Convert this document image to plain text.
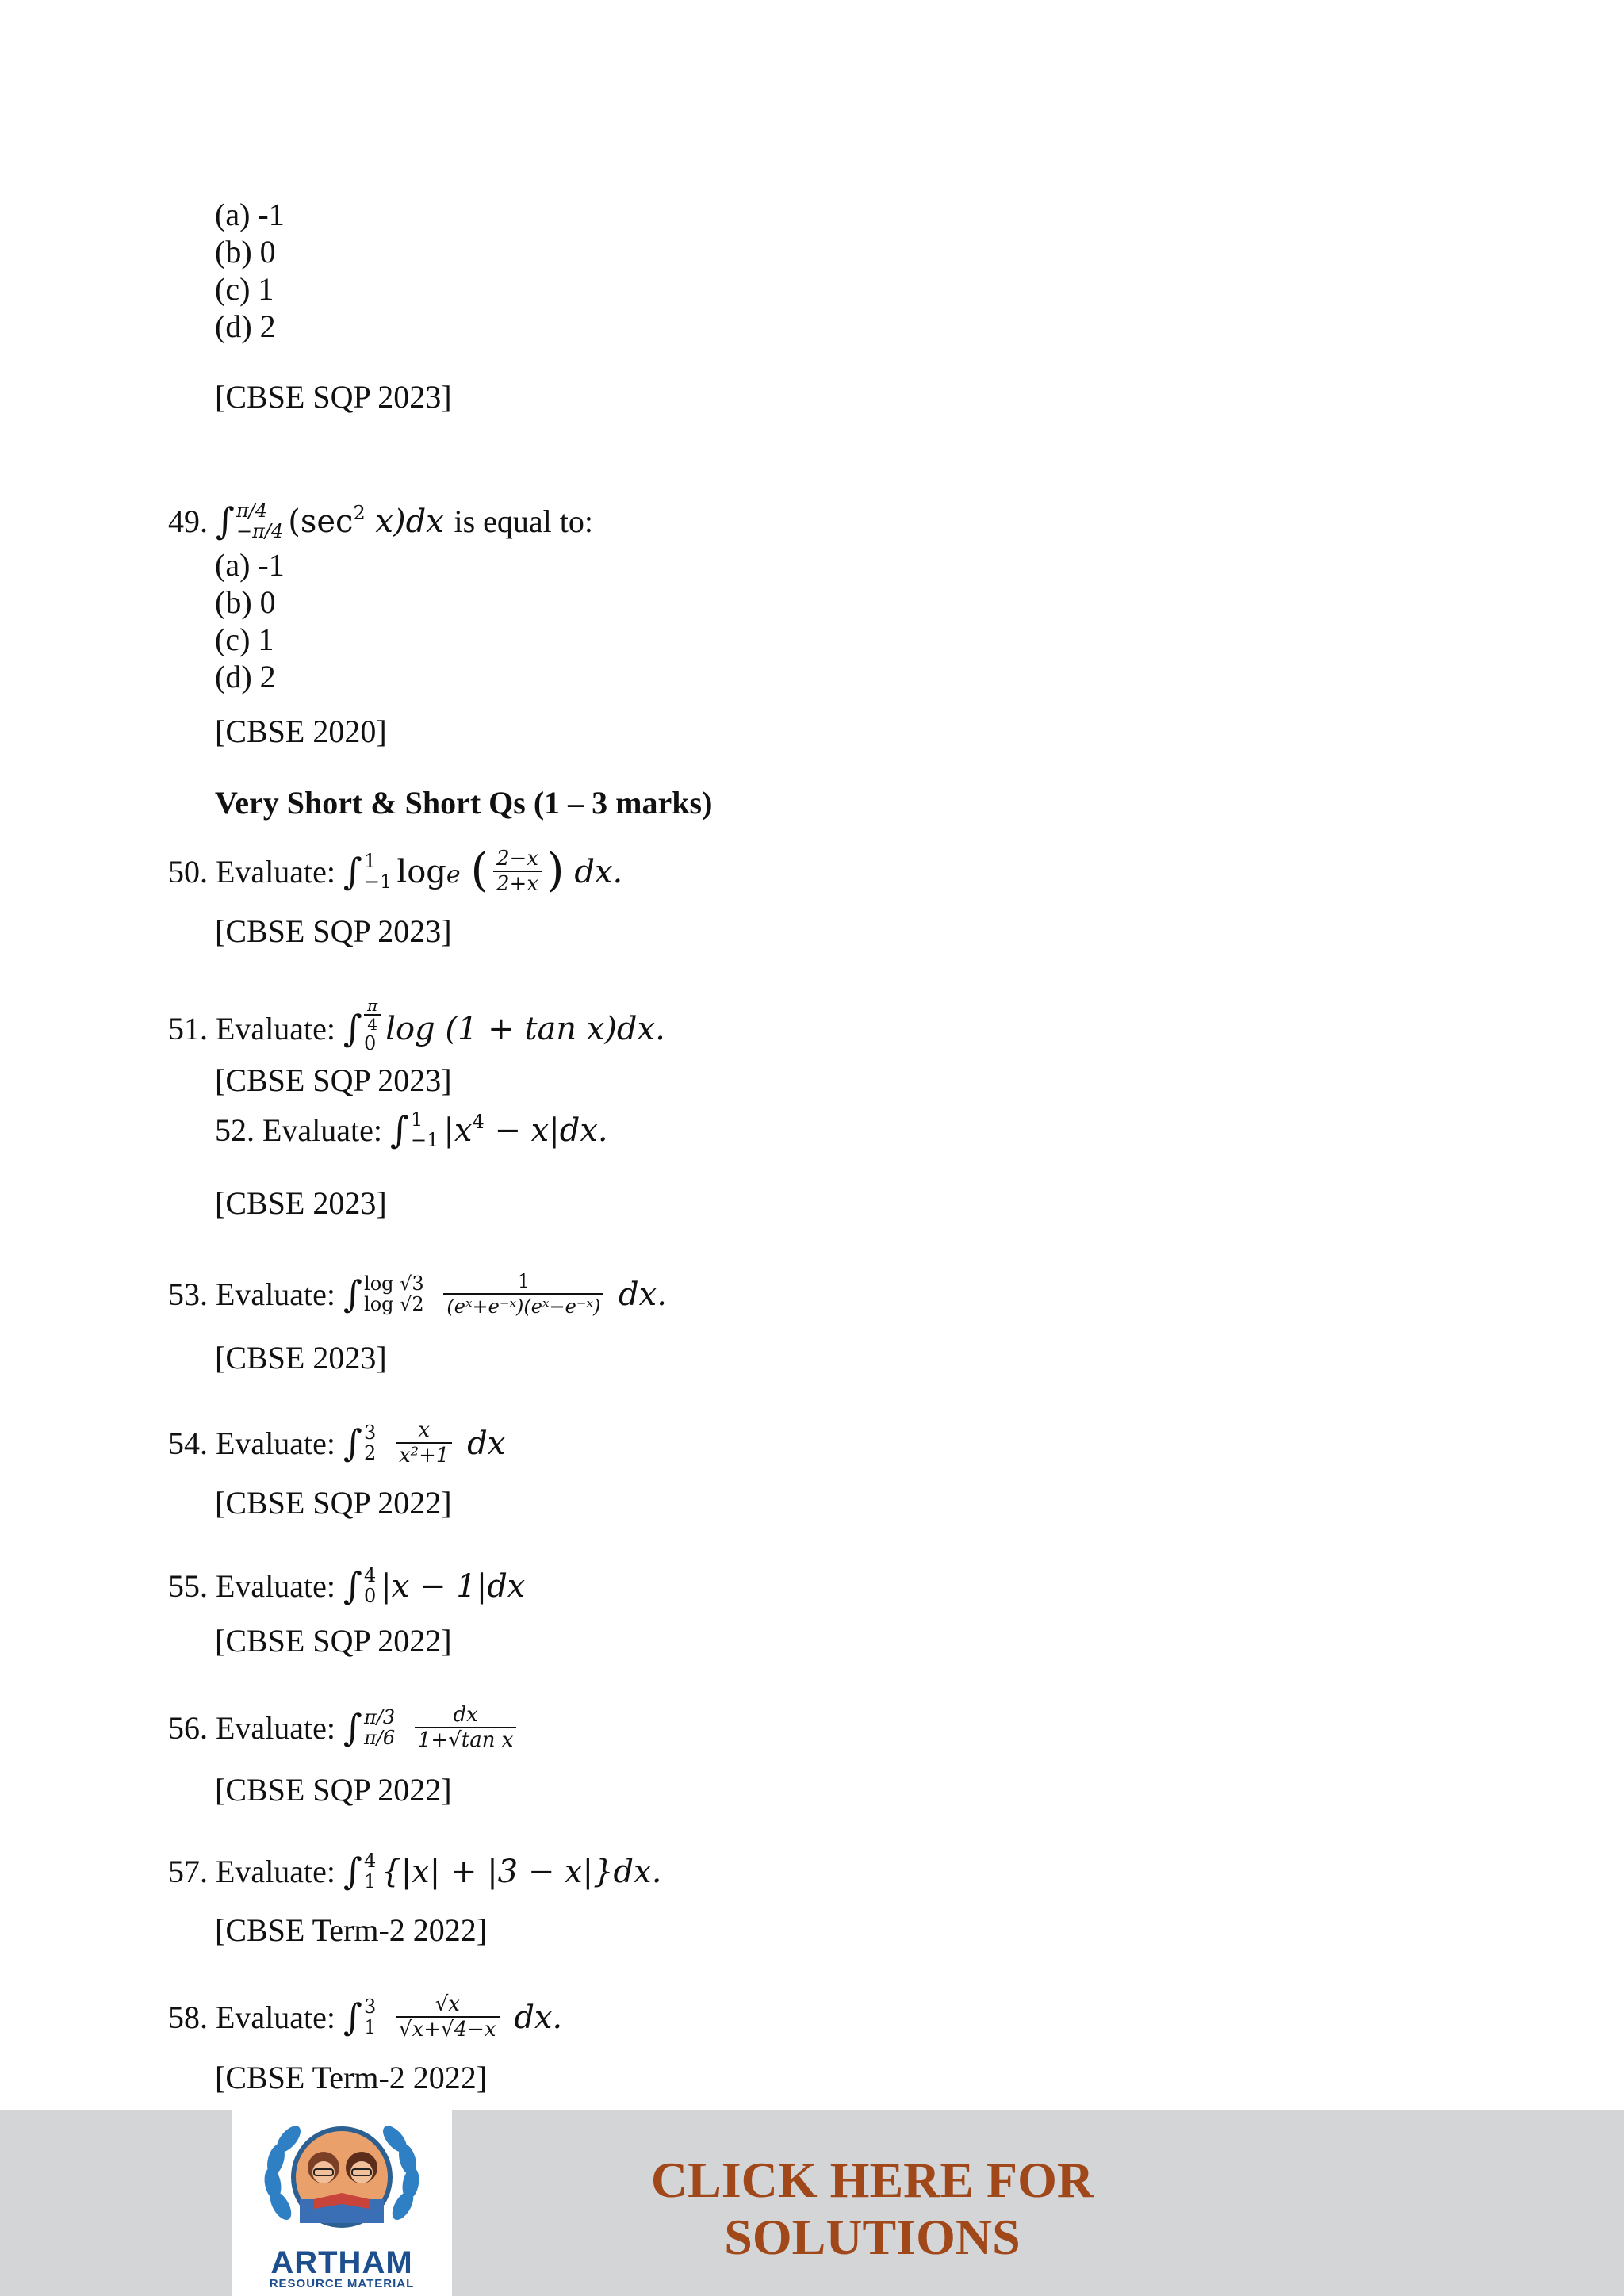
(a) -1
(b) 0
(c) 1
(d) 2
[CBSE SQP 2023]
49. ∫ π/4
−π/4 ($\sec^2$ x)dx is equal to:
(a) -1
(b) 0
(c) 1
(d) 2
[CBSE 2020]
Very Short & Short Qs (1 – 3 marks)
50. Evaluate: ∫ 1
−1 loge ( $\frac{2-x}{2+x}$ ) dx.
[CBSE SQP 2023]
51. Evaluate: ∫
π
4
0 log (1 + tan x)dx.
[CBSE SQP 2023]
52. Evaluate: ∫ 1
−1 $|x^4 - x|dx$.
[CBSE 2023]
53. Evaluate: ∫ log √3
log √2
$\frac{1}{\text{(eˣ+e⁻ˣ)(eˣ−e⁻ˣ)}}$ dx.
[CBSE 2023]
54. Evaluate: ∫ 3
2
$\frac{x}{\text{x²+1}}$ dx
[CBSE SQP 2022]
55. Evaluate: ∫ 4
0 |x − 1|dx
[CBSE SQP 2022]
56. Evaluate: ∫ π/3
π/6
$\frac{dx}{\text{1+√tan x}}$
[CBSE SQP 2022]
57. Evaluate: ∫ 4
1 {|x| + |3 − x|}dx.
[CBSE Term-2 2022]
58. Evaluate: ∫ 3
1
$\frac{√x}{√x+√4-x}$ dx.
[CBSE Term-2 2022]
ARTHAM
RESOURCE MATERIAL
CLICK HERE FOR
SOLUTIONS
